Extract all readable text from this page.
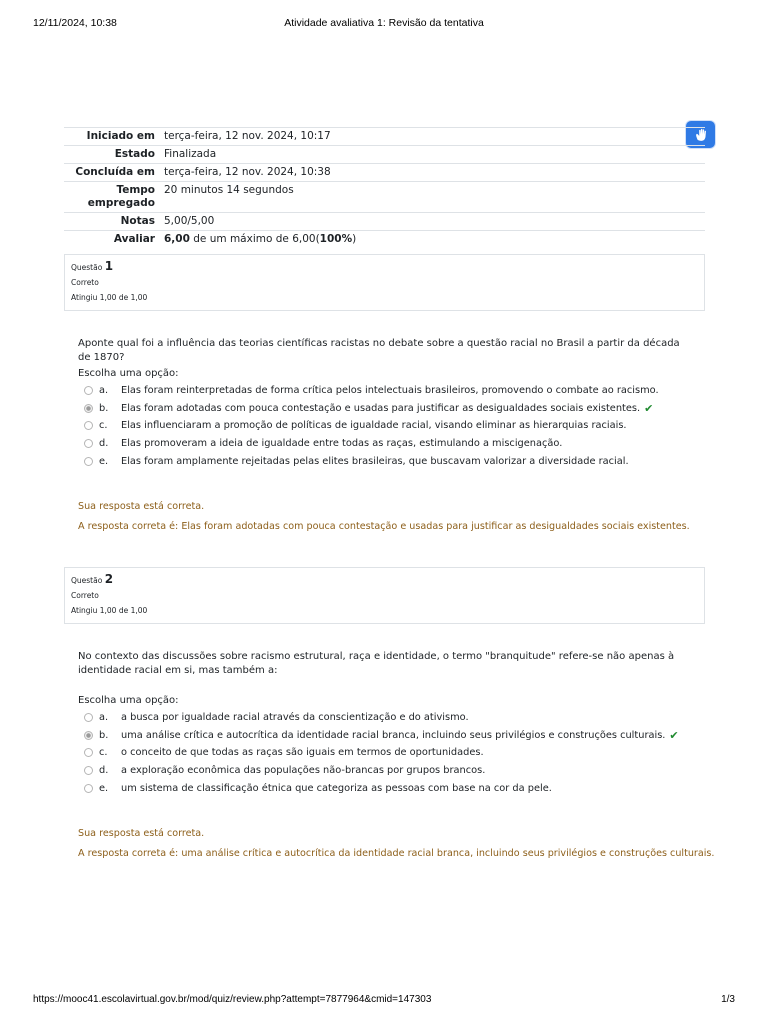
12/11/2024, 10:38	Atividade avaliativa 1: Revisão da tentativa
Iniciado em terça-feira, 12 nov. 2024, 10:17
Estado Finalizada
Concluída em terça-feira, 12 nov. 2024, 10:38
Tempo
empregado
20 minutos 14 segundos
Notas 5,00/5,00
Avaliar 6,00 de um máximo de 6,00(100%)
Questão 1
Correto
Atingiu 1,00 de 1,00
Aponte qual foi a influência das teorias científicas racistas no debate sobre a questão racial no Brasil a partir da década de 1870?
Escolha uma opção:
a.	Elas foram reinterpretadas de forma crítica pelos intelectuais brasileiros, promovendo o combate ao racismo.
b.	Elas foram adotadas com pouca contestação e usadas para justificar as desigualdades sociais existentes. ✔
c.	Elas influenciaram a promoção de políticas de igualdade racial, visando eliminar as hierarquias raciais.
d.	Elas promoveram a ideia de igualdade entre todas as raças, estimulando a miscigenação.
e.	Elas foram amplamente rejeitadas pelas elites brasileiras, que buscavam valorizar a diversidade racial.
Sua resposta está correta.
A resposta correta é: Elas foram adotadas com pouca contestação e usadas para justificar as desigualdades sociais existentes.
Questão 2
Correto
Atingiu 1,00 de 1,00
No contexto das discussões sobre racismo estrutural, raça e identidade, o termo "branquitude" refere-se não apenas à identidade racial em si, mas também a:
Escolha uma opção:
a.	a busca por igualdade racial através da conscientização e do ativismo.
b.	uma análise crítica e autocrítica da identidade racial branca, incluindo seus privilégios e construções culturais. ✔
c.	o conceito de que todas as raças são iguais em termos de oportunidades.
d.	a exploração econômica das populações não-brancas por grupos brancos.
e.	um sistema de classificação étnica que categoriza as pessoas com base na cor da pele.
Sua resposta está correta.
A resposta correta é: uma análise crítica e autocrítica da identidade racial branca, incluindo seus privilégios e construções culturais.
https://mooc41.escolavirtual.gov.br/mod/quiz/review.php?attempt=7877964&cmid=147303	1/3
